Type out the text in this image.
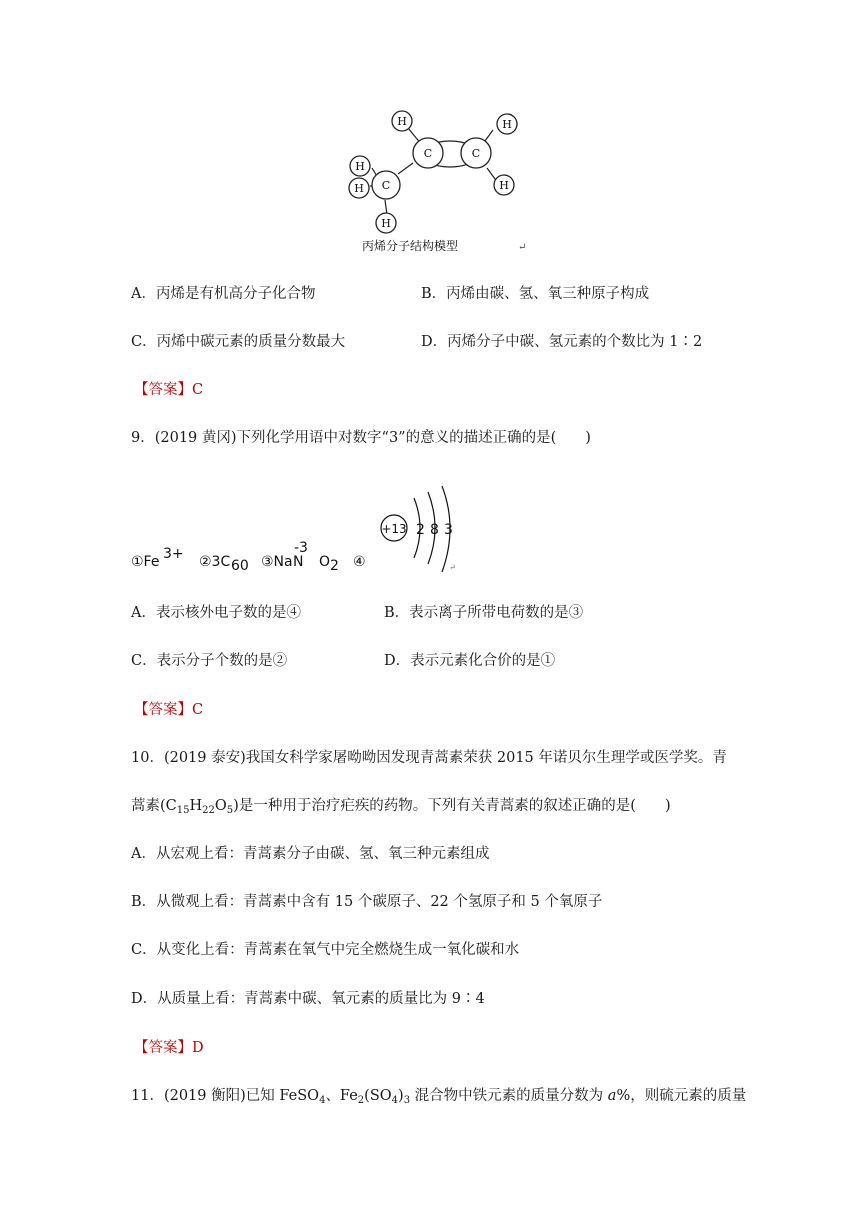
H
C	C
H
H
C
H
H
H
丙烯分子结构模型	↵
A．丙烯是有机高分子化合物	B．丙烯由碳、氢、氧三种原子构成
C．丙烯中碳元素的质量分数最大	D．丙烯分子中碳、氢元素的个数比为 1∶2
【答案】C
9．(2019 黄冈)下列化学用语中对数字“3”的意义的描述正确的是(　　)
①Fe 3+ ②3C 60 ③Na N
-3
O 2 ④
+13 2 8 3
↵
A．表示核外电子数的是④	B．表示离子所带电荷数的是③
C．表示分子个数的是②	D．表示元素化合价的是①
【答案】C
10．(2019 泰安)我国女科学家屠呦呦因发现青蒿素荣获 2015 年诺贝尔生理学或医学奖。青
蒿素$(C_{15}H_{22}O_5)$是一种用于治疗疟疾的药物。下列有关青蒿素的叙述正确的是(　　)
A．从宏观上看：青蒿素分子由碳、氢、氧三种元素组成
B．从微观上看：青蒿素中含有 15 个碳原子、22 个氢原子和 5 个氧原子
C．从变化上看：青蒿素在氧气中完全燃烧生成一氧化碳和水
D．从质量上看：青蒿素中碳、氧元素的质量比为 9∶4
【答案】D
11．(2019 衡阳)已知 FeSO$_4$、$Fe_2(SO_4)_3$ 混合物中铁元素的质量分数为 a%，则硫元素的质量
